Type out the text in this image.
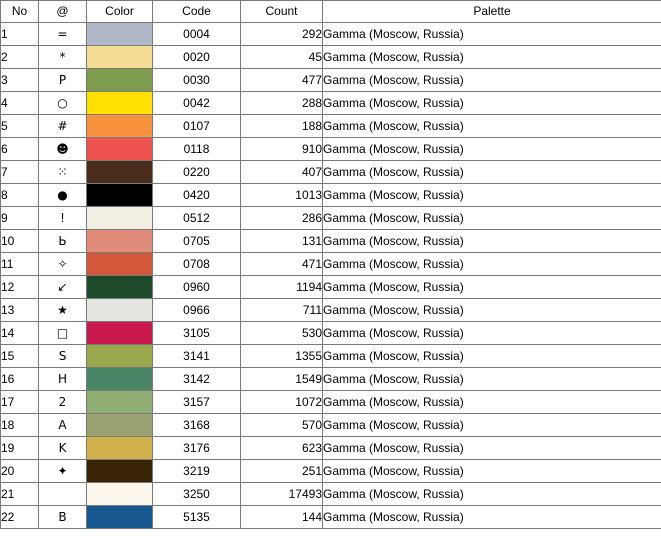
No	@	Color	Code	Count	Palette
1	=		0004	292	Gamma (Moscow, Russia)
2	*		0020	45	Gamma (Moscow, Russia)
3	Р		0030	477	Gamma (Moscow, Russia)
4	○		0042	288	Gamma (Moscow, Russia)
5	#		0107	188	Gamma (Moscow, Russia)
6	☻		0118	910	Gamma (Moscow, Russia)
7	⁙		0220	407	Gamma (Moscow, Russia)
8	●		0420	1013	Gamma (Moscow, Russia)
9	!		0512	286	Gamma (Moscow, Russia)
10	Ь		0705	131	Gamma (Moscow, Russia)
11	✧		0708	471	Gamma (Moscow, Russia)
12	↙		0960	1194	Gamma (Moscow, Russia)
13	★		0966	711	Gamma (Moscow, Russia)
14	□		3105	530	Gamma (Moscow, Russia)
15	S		3141	1355	Gamma (Moscow, Russia)
16	Н		3142	1549	Gamma (Moscow, Russia)
17	2		3157	1072	Gamma (Moscow, Russia)
18	A		3168	570	Gamma (Moscow, Russia)
19	K		3176	623	Gamma (Moscow, Russia)
20	✦		3219	251	Gamma (Moscow, Russia)
21			3250	17493	Gamma (Moscow, Russia)
22	В		5135	144	Gamma (Moscow, Russia)
